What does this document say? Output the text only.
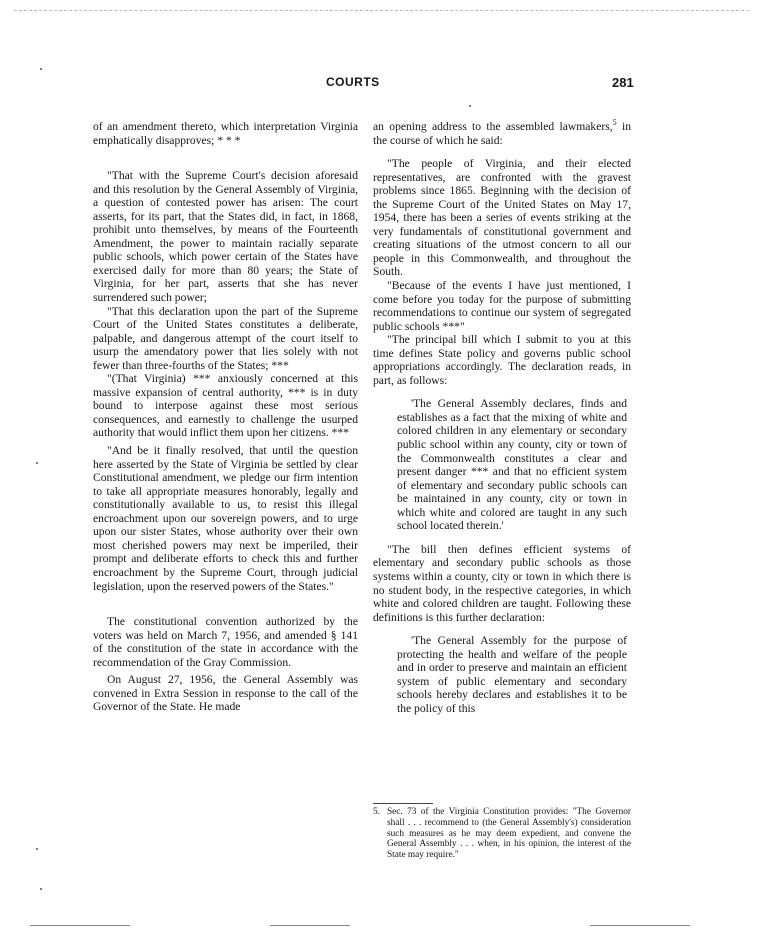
COURTS	281

of an amendment thereto, which interpretation Virginia emphatically disapproves; * * *

"That with the Supreme Court's decision aforesaid and this resolution by the General Assembly of Virginia, a question of contested power has arisen: The court asserts, for its part, that the States did, in fact, in 1868, prohibit unto themselves, by means of the Fourteenth Amendment, the power to maintain racially separate public schools, which power certain of the States have exercised daily for more than 80 years; the State of Virginia, for her part, asserts that she has never surrendered such power;

"That this declaration upon the part of the Supreme Court of the United States constitutes a deliberate, palpable, and dangerous attempt of the court itself to usurp the amendatory power that lies solely with not fewer than three-fourths of the States; ***

"(That Virginia) *** anxiously concerned at this massive expansion of central authority, *** is in duty bound to interpose against these most serious consequences, and earnestly to challenge the usurped authority that would inflict them upon her citizens. ***

"And be it finally resolved, that until the question here asserted by the State of Virginia be settled by clear Constitutional amendment, we pledge our firm intention to take all appropriate measures honorably, legally and constitutionally available to us, to resist this illegal encroachment upon our sovereign powers, and to urge upon our sister States, whose authority over their own most cherished powers may next be imperiled, their prompt and deliberate efforts to check this and further encroachment by the Supreme Court, through judicial legislation, upon the reserved powers of the States."

The constitutional convention authorized by the voters was held on March 7, 1956, and amended § 141 of the constitution of the state in accordance with the recommendation of the Gray Commission.

On August 27, 1956, the General Assembly was convened in Extra Session in response to the call of the Governor of the State. He made

an opening address to the assembled lawmakers,$^5$ in the course of which he said:

"The people of Virginia, and their elected representatives, are confronted with the gravest problems since 1865. Beginning with the decision of the Supreme Court of the United States on May 17, 1954, there has been a series of events striking at the very fundamentals of constitutional government and creating situations of the utmost concern to all our people in this Commonwealth, and throughout the South.

"Because of the events I have just mentioned, I come before you today for the purpose of submitting recommendations to continue our system of segregated public schools ***"

"The principal bill which I submit to you at this time defines State policy and governs public school appropriations accordingly. The declaration reads, in part, as follows:

'The General Assembly declares, finds and establishes as a fact that the mixing of white and colored children in any elementary or secondary public school within any county, city or town of the Commonwealth constitutes a clear and present danger *** and that no efficient system of elementary and secondary public schools can be maintained in any county, city or town in which white and colored are taught in any such school located therein.'

"The bill then defines efficient systems of elementary and secondary public schools as those systems within a county, city or town in which there is no student body, in the respective categories, in which white and colored children are taught. Following these definitions is this further declaration:

'The General Assembly for the purpose of protecting the health and welfare of the people and in order to preserve and maintain an efficient system of public elementary and secondary schools hereby declares and establishes it to be the policy of this

5. Sec. 73 of the Virginia Constitution provides: "The Governor shall . . . recommend to (the General Assembly's) consideration such measures as he may deem expedient, and convene the General Assembly . . . when, in his opinion, the interest of the State may require."
